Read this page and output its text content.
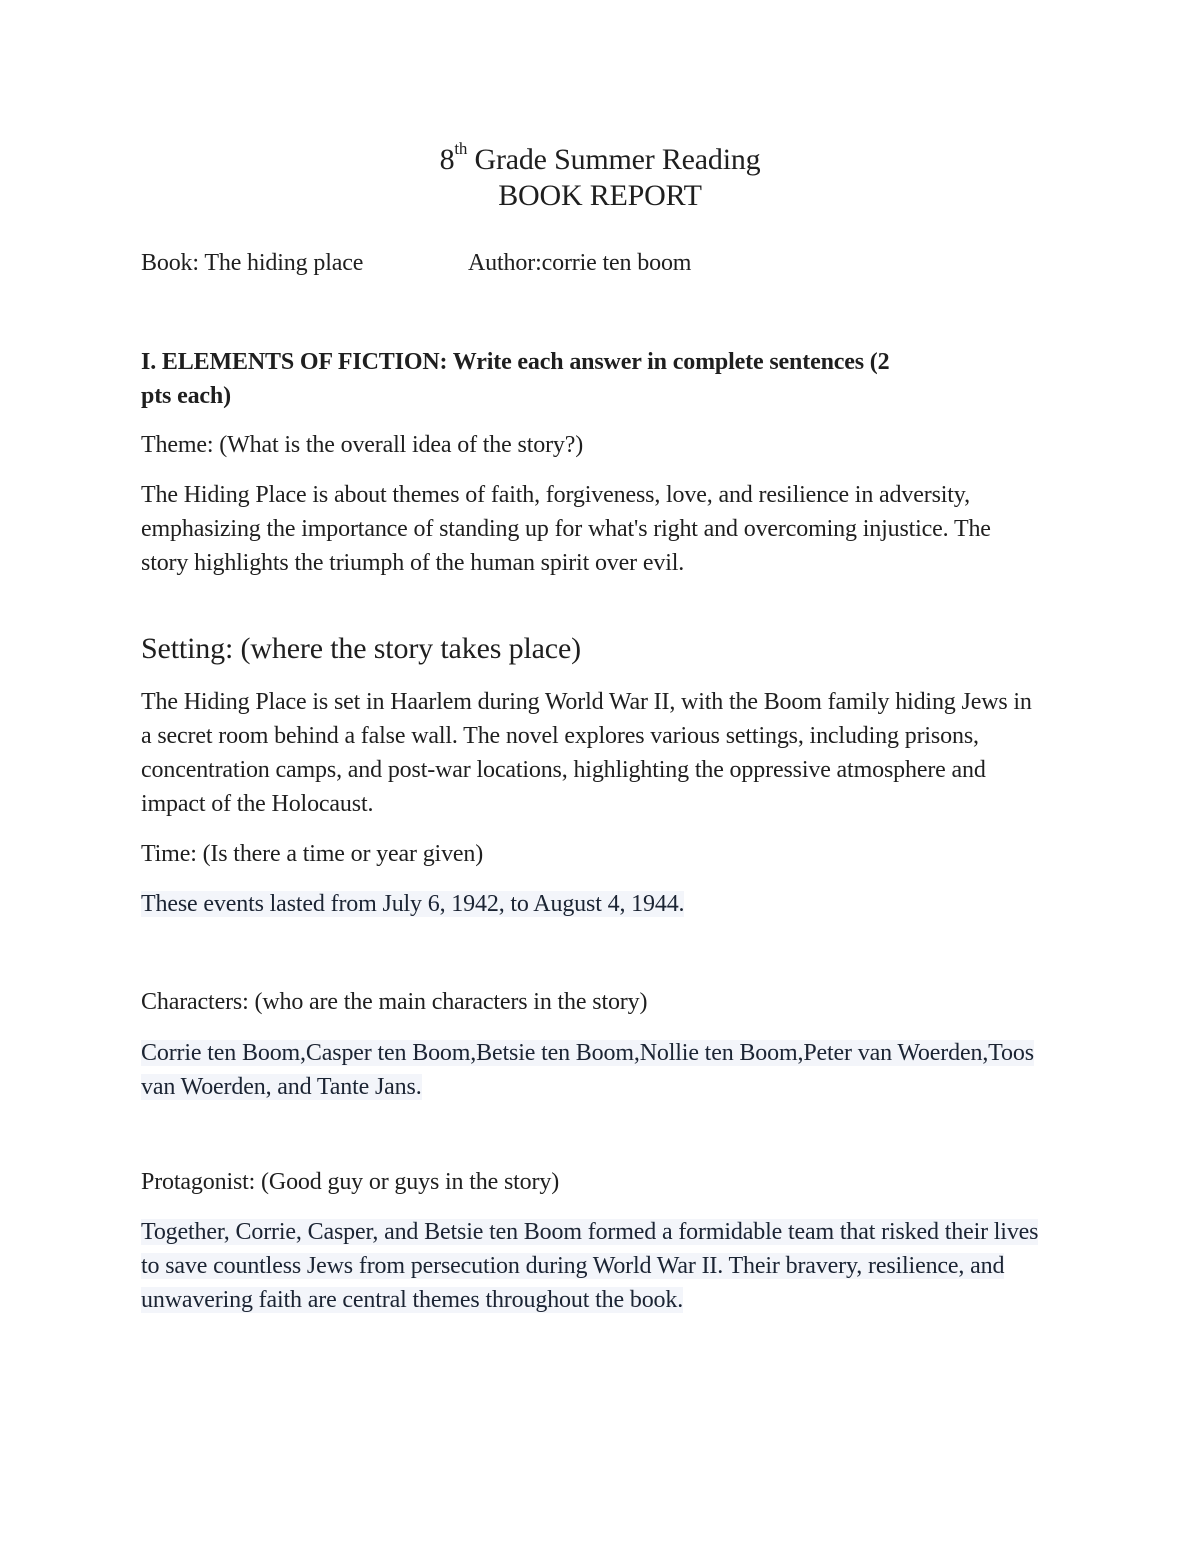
8th Grade Summer Reading
BOOK REPORT
Book: The hiding place	Author:corrie ten boom
I. ELEMENTS OF FICTION: Write each answer in complete sentences (2
pts each)
Theme: (What is the overall idea of the story?)
The Hiding Place is about themes of faith, forgiveness, love, and resilience in adversity, emphasizing the importance of standing up for what's right and overcoming injustice. The story highlights the triumph of the human spirit over evil.
Setting: (where the story takes place)
The Hiding Place is set in Haarlem during World War II, with the Boom family hiding Jews in a secret room behind a false wall. The novel explores various settings, including prisons, concentration camps, and post-war locations, highlighting the oppressive atmosphere and impact of the Holocaust.
Time: (Is there a time or year given)
These events lasted from July 6, 1942, to August 4, 1944.
Characters: (who are the main characters in the story)
Corrie ten Boom,Casper ten Boom,Betsie ten Boom,Nollie ten Boom,Peter van Woerden,Toos van Woerden, and Tante Jans.
Protagonist: (Good guy or guys in the story)
Together, Corrie, Casper, and Betsie ten Boom formed a formidable team that risked their lives to save countless Jews from persecution during World War II. Their bravery, resilience, and unwavering faith are central themes throughout the book.
